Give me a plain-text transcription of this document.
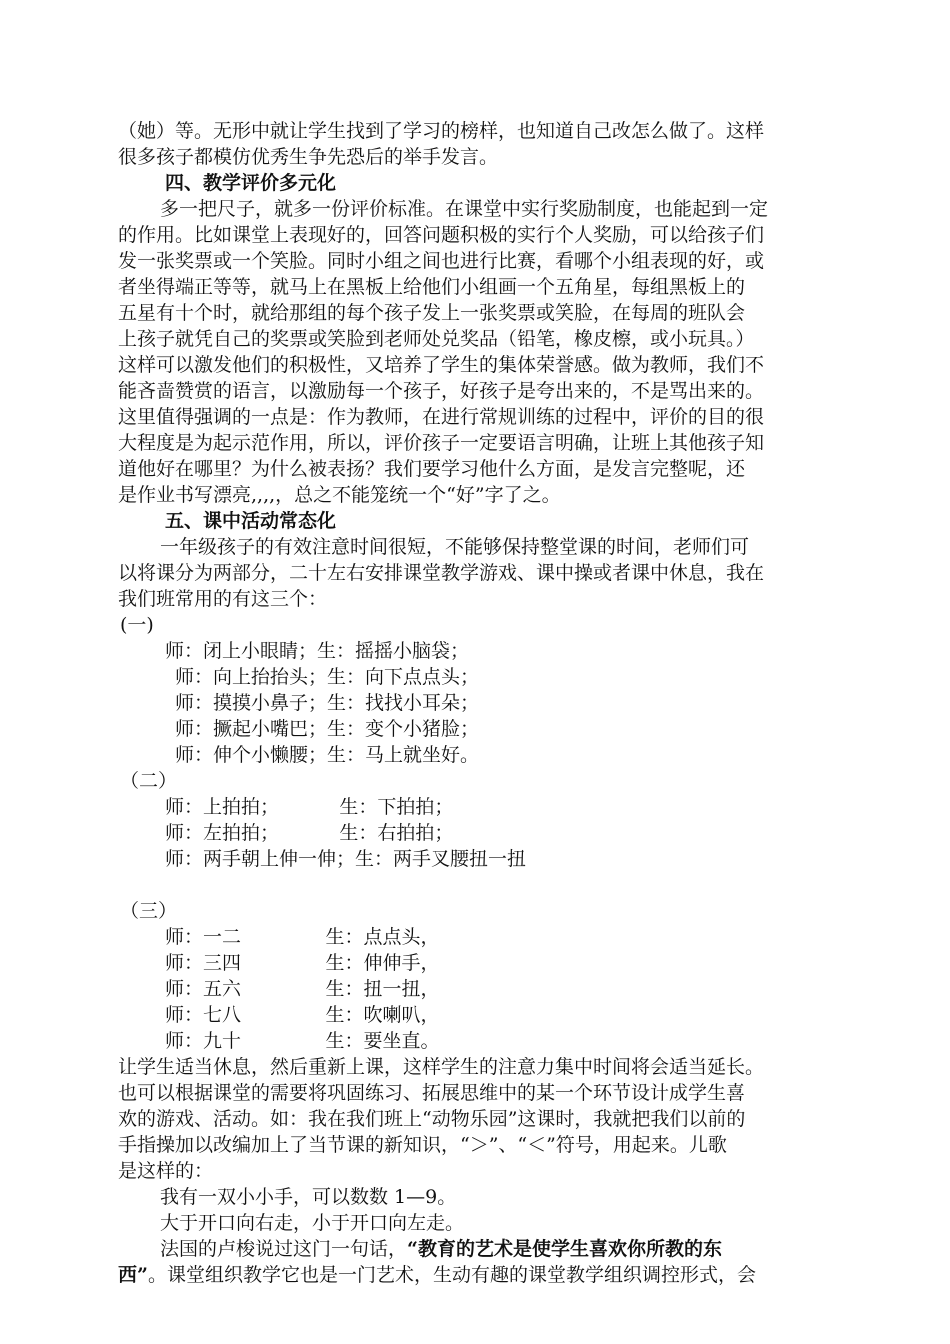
（她）等。无形中就让学生找到了学习的榜样，也知道自己改怎么做了。这样
很多孩子都模仿优秀生争先恐后的举手发言。
四、教学评价多元化
多一把尺子，就多一份评价标准。在课堂中实行奖励制度，也能起到一定
的作用。比如课堂上表现好的，回答问题积极的实行个人奖励，可以给孩子们
发一张奖票或一个笑脸。同时小组之间也进行比赛，看哪个小组表现的好，或
者坐得端正等等，就马上在黑板上给他们小组画一个五角星，每组黑板上的
五星有十个时，就给那组的每个孩子发上一张奖票或笑脸，在每周的班队会
上孩子就凭自己的奖票或笑脸到老师处兑奖品（铅笔，橡皮檫，或小玩具。）
这样可以激发他们的积极性，又培养了学生的集体荣誉感。做为教师，我们不
能吝啬赞赏的语言，以激励每一个孩子，好孩子是夸出来的，不是骂出来的。
这里值得强调的一点是：作为教师，在进行常规训练的过程中，评价的目的很
大程度是为起示范作用，所以，评价孩子一定要语言明确，让班上其他孩子知
道他好在哪里？为什么被表扬？我们要学习他什么方面，是发言完整呢，还
是作业书写漂亮,,,,，总之不能笼统一个“好”字了之。
五、课中活动常态化
一年级孩子的有效注意时间很短，不能够保持整堂课的时间，老师们可
以将课分为两部分，二十左右安排课堂教学游戏、课中操或者课中休息，我在
我们班常用的有这三个：
(一)
师：闭上小眼睛；生：摇摇小脑袋；
师：向上抬抬头；生：向下点点头；
师：摸摸小鼻子；生：找找小耳朵；
师：撅起小嘴巴；生：变个小猪脸；
师：伸个小懒腰；生：马上就坐好。
（二）
师：上拍拍；          生：下拍拍；
师：左拍拍；          生：右拍拍；
师：两手朝上伸一伸；生：两手叉腰扭一扭
（三）
师：一二              生：点点头，
师：三四              生：伸伸手，
师：五六              生：扭一扭，
师：七八              生：吹喇叭，
师：九十              生：要坐直。
让学生适当休息，然后重新上课，这样学生的注意力集中时间将会适当延长。
也可以根据课堂的需要将巩固练习、拓展思维中的某一个环节设计成学生喜
欢的游戏、活动。如：我在我们班上“动物乐园”这课时，我就把我们以前的
手指操加以改编加上了当节课的新知识，“＞”、“＜”符号，用起来。儿歌
是这样的：
我有一双小小手，可以数数 1—9。
大于开口向右走，小于开口向左走。
法国的卢梭说过这门一句话，“教育的艺术是使学生喜欢你所教的东
西”。课堂组织教学它也是一门艺术，生动有趣的课堂教学组织调控形式，会
